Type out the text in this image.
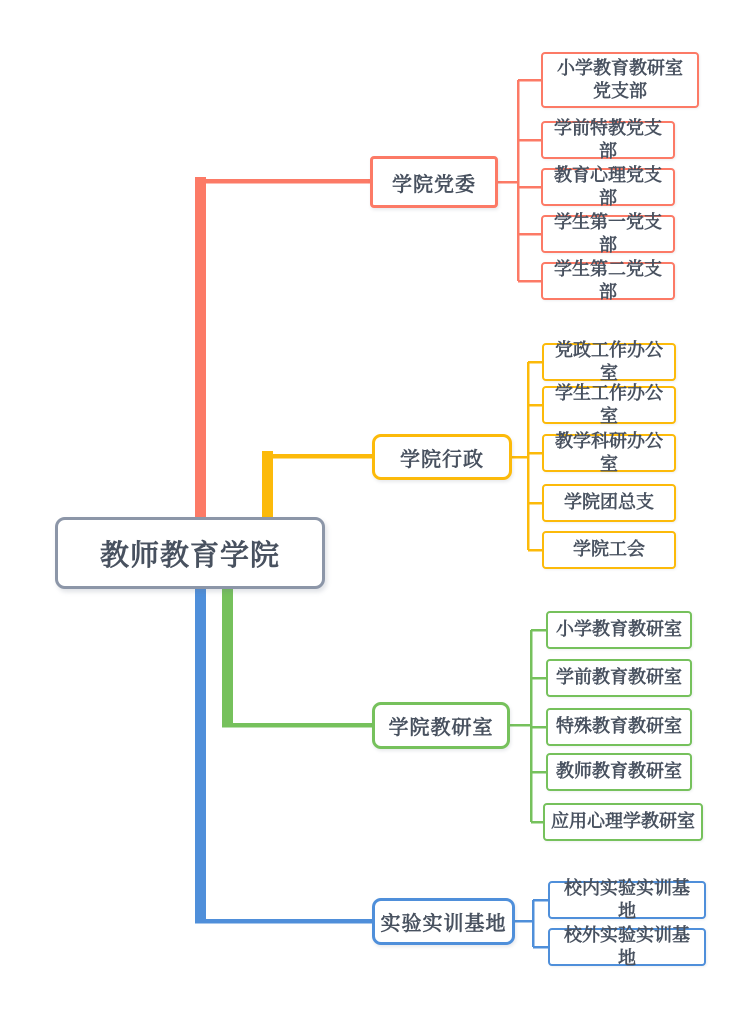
教师教育学院
学院党委
小学教育教研室党支部
学前特教党支部
教育心理党支部
学生第一党支部
学生第二党支部
学院行政
党政工作办公室
学生工作办公室
教学科研办公室
学院团总支
学院工会
学院教研室
小学教育教研室
学前教育教研室
特殊教育教研室
教师教育教研室
应用心理学教研室
实验实训基地
校内实验实训基地
校外实验实训基地
